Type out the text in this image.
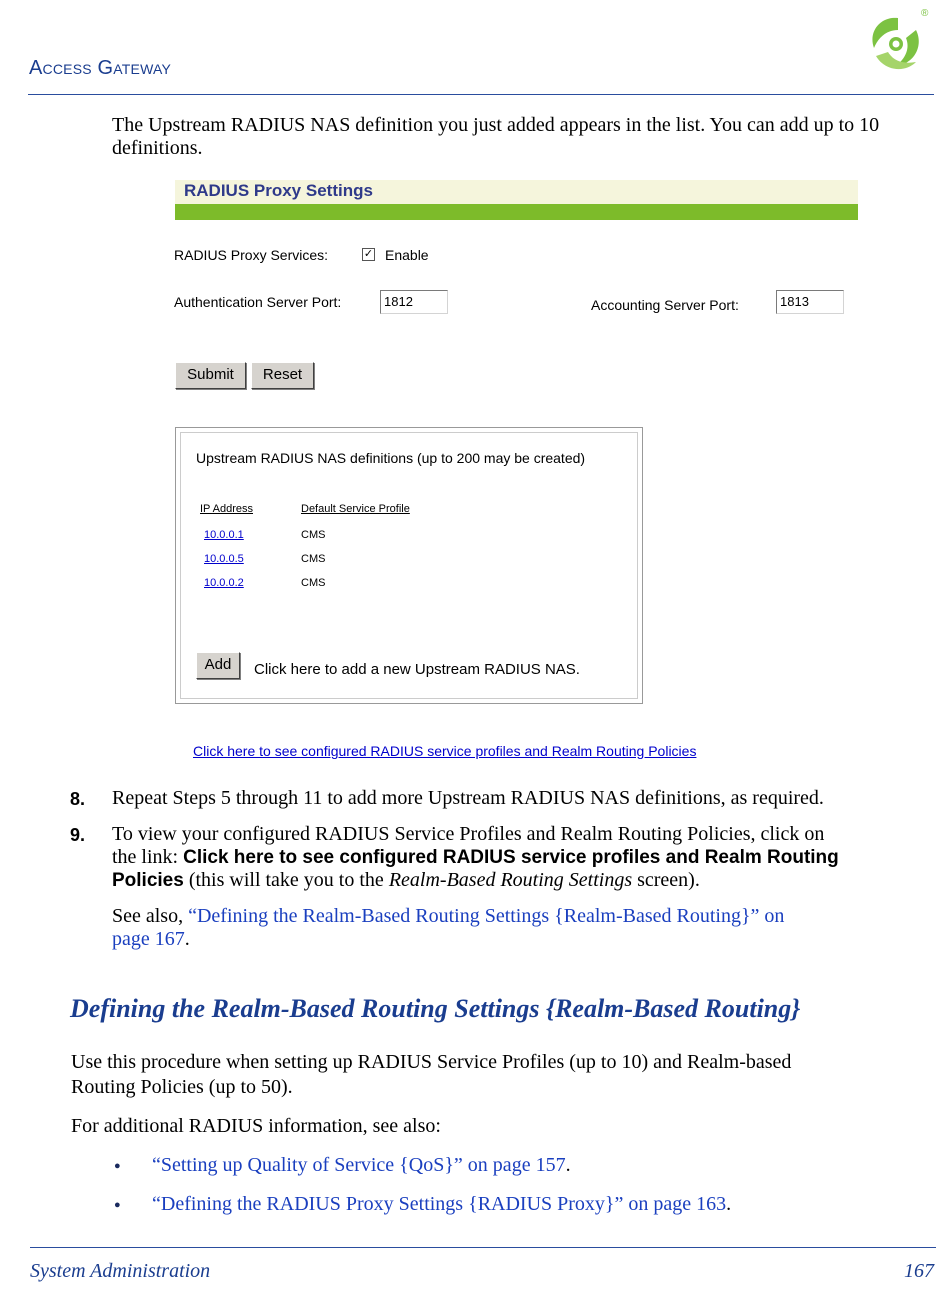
Access Gateway
®
The Upstream RADIUS NAS definition you just added appears in the list. You can add up to 10 definitions.
RADIUS Proxy Settings
RADIUS Proxy Services:	✓ Enable
Authentication Server Port:	1812	Accounting Server Port:	1813
Submit	Reset
Upstream RADIUS NAS definitions (up to 200 may be created)
IP Address	Default Service Profile
10.0.0.1	CMS
10.0.0.5	CMS
10.0.0.2	CMS
Add	Click here to add a new Upstream RADIUS NAS.
Click here to see configured RADIUS service profiles and Realm Routing Policies
8. Repeat Steps 5 through 11 to add more Upstream RADIUS NAS definitions, as required.
9. To view your configured RADIUS Service Profiles and Realm Routing Policies, click on
the link: Click here to see configured RADIUS service profiles and Realm Routing
Policies (this will take you to the Realm-Based Routing Settings screen).
See also, “Defining the Realm-Based Routing Settings {Realm-Based Routing}” on
page 167.
Defining the Realm-Based Routing Settings {Realm-Based Routing}
Use this procedure when setting up RADIUS Service Profiles (up to 10) and Realm-based
Routing Policies (up to 50).
For additional RADIUS information, see also:
● “Setting up Quality of Service {QoS}” on page 157.
● “Defining the RADIUS Proxy Settings {RADIUS Proxy}” on page 163.
System Administration	167
